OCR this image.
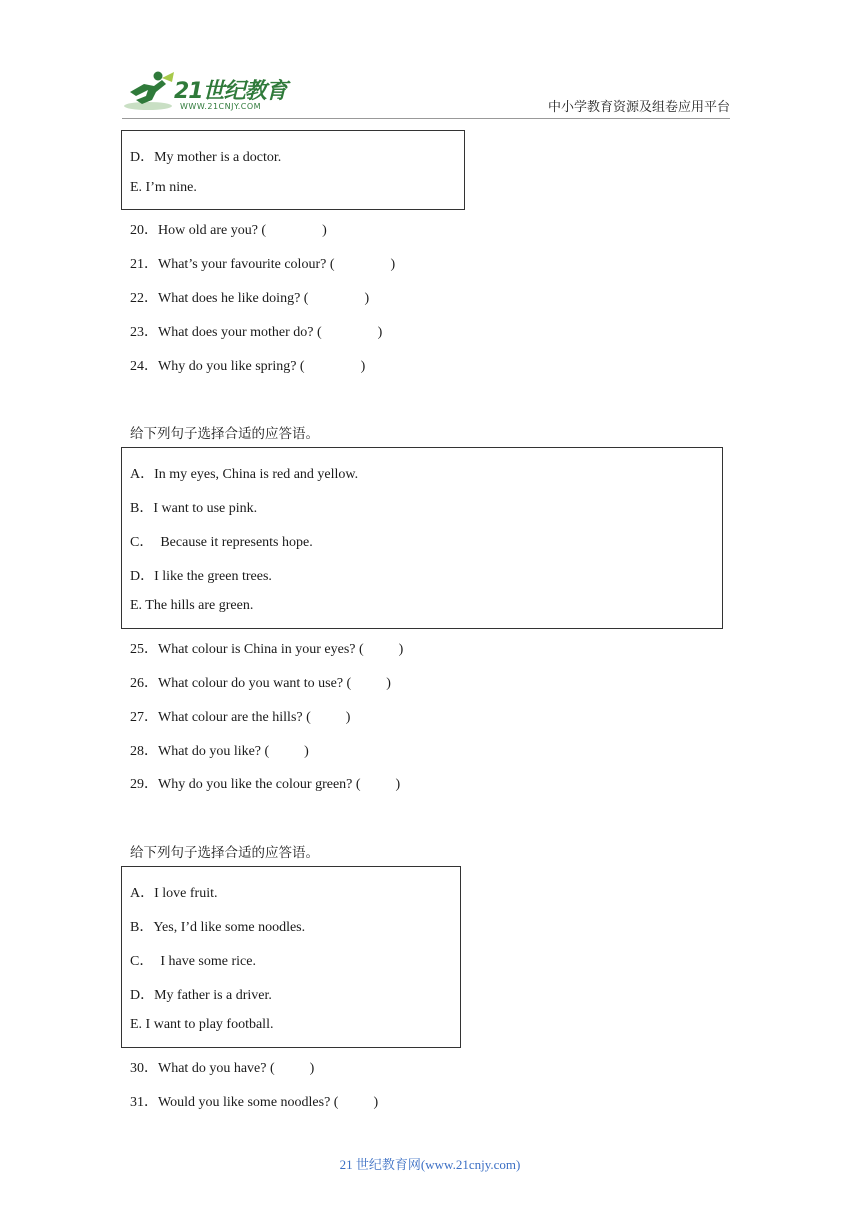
21世纪教育
WWW.21CNJY.COM	中小学教育资源及组卷应用平台
D．My mother is a doctor.
E. I’m nine.
20．How old are you? (                )
21．What’s your favourite colour? (                )
22．What does he like doing? (                )
23．What does your mother do? (                )
24．Why do you like spring? (                )
给下列句子选择合适的应答语。
A．In my eyes, China is red and yellow.
B．I want to use pink.
C．  Because it represents hope.
D．I like the green trees.
E. The hills are green.
25．What colour is China in your eyes? (          )
26．What colour do you want to use? (          )
27．What colour are the hills? (          )
28．What do you like? (          )
29．Why do you like the colour green? (          )
给下列句子选择合适的应答语。
A．I love fruit.
B．Yes, I’d like some noodles.
C．  I have some rice.
D．My father is a driver.
E. I want to play football.
30．What do you have? (          )
31．Would you like some noodles? (          )
21 世纪教育网(www.21cnjy.com)
